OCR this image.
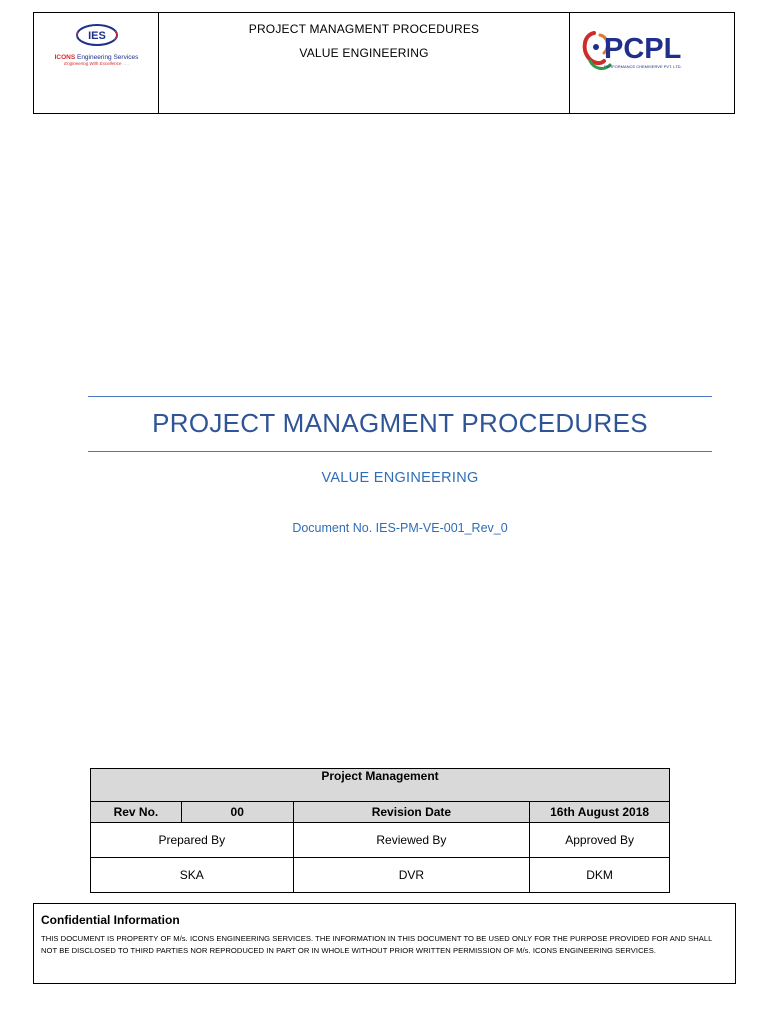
IES
ICONS Engineering Services
Engineering With Excellence . . .
PROJECT MANAGMENT PROCEDURES
VALUE ENGINEERING	PCPL
PERFORMANCE CHEMISERVE PVT. LTD.
PROJECT MANAGMENT PROCEDURES
VALUE ENGINEERING
Document No. IES-PM-VE-001_Rev_0
Project Management			
Rev No.	00	Revision Date	16th August 2018
Prepared By		Reviewed By	Approved By
SKA		DVR	DKM
Confidential Information
THIS DOCUMENT IS PROPERTY OF M/s. ICONS ENGINEERING SERVICES. THE INFORMATION IN THIS DOCUMENT TO BE USED ONLY FOR THE PURPOSE PROVIDED FOR AND SHALL NOT BE DISCLOSED TO THIRD PARTIES NOR REPRODUCED IN PART OR IN WHOLE WITHOUT PRIOR WRITTEN PERMISSION OF M/s. ICONS ENGINEERING SERVICES.
